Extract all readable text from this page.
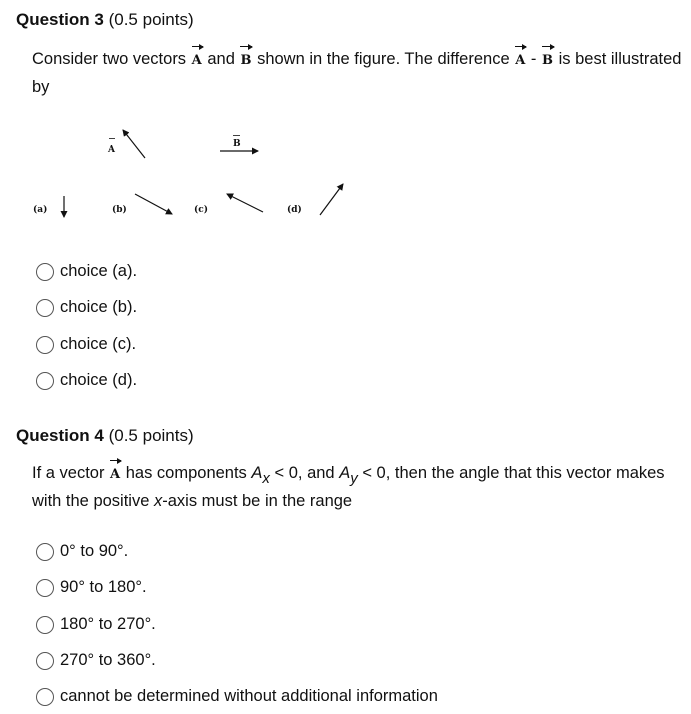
Question 3 (0.5 points)
Consider two vectors A and B shown in the figure. The difference A - B is best illustrated by
A
B
(a)	(b)	(c)	(d)
choice (a).
choice (b).
choice (c).
choice (d).
Question 4 (0.5 points)
If a vector A has components Ax < 0, and Ay < 0, then the angle that this vector makes with the positive x-axis must be in the range
0° to 90°.
90° to 180°.
180° to 270°.
270° to 360°.
cannot be determined without additional information
